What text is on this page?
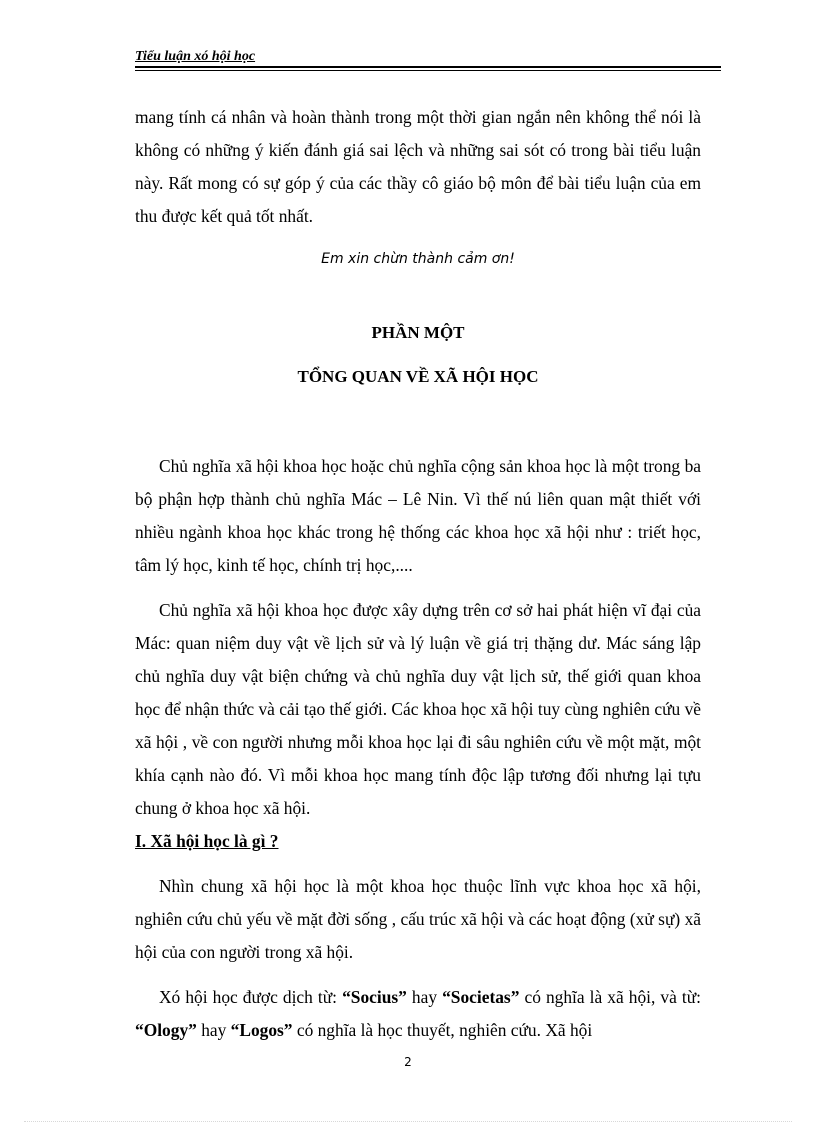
Tiểu luận xó hội học

mang tính cá nhân và hoàn thành trong một thời gian ngắn nên không thể nói là không có những ý kiến đánh giá sai lệch và những sai sót có trong bài tiểu luận này. Rất mong có sự góp ý của các thầy cô giáo bộ môn để bài tiểu luận của em thu được kết quả tốt nhất.

Em xin chừn thành cảm ơn!

PHẦN MỘT

TỔNG QUAN VỀ XÃ HỘI HỌC

Chủ nghĩa xã hội khoa học hoặc chủ nghĩa cộng sản khoa học là một trong ba bộ phận hợp thành chủ nghĩa Mác – Lê Nin. Vì thế nú liên quan mật thiết với nhiều ngành khoa học khác trong hệ thống các khoa học xã hội như : triết học, tâm lý học, kinh tế học, chính trị học,....

Chủ nghĩa xã hội khoa học được xây dựng trên cơ sở hai phát hiện vĩ đại của Mác: quan niệm duy vật về lịch sử và lý luận về giá trị thặng dư. Mác sáng lập chủ nghĩa duy vật biện chứng và chủ nghĩa duy vật lịch sử, thế giới quan khoa học để nhận thức và cải tạo thế giới. Các khoa học xã hội tuy cùng nghiên cứu về xã hội , về con người nhưng mỗi khoa học lại đi sâu nghiên cứu về một mặt, một khía cạnh nào đó. Vì mỗi khoa học mang tính độc lập tương đối nhưng lại tựu chung ở khoa học xã hội.

I. Xã hội học là gì ?

Nhìn chung xã hội học là một khoa học thuộc lĩnh vực khoa học xã hội, nghiên cứu chủ yếu về mặt đời sống , cấu trúc xã hội và các hoạt động (xử sự) xã hội của con người trong xã hội.

Xó hội học được dịch từ: “Socius” hay “Societas” có nghĩa là xã hội, và từ: “Ology” hay “Logos” có nghĩa là học thuyết, nghiên cứu. Xã hội

2
